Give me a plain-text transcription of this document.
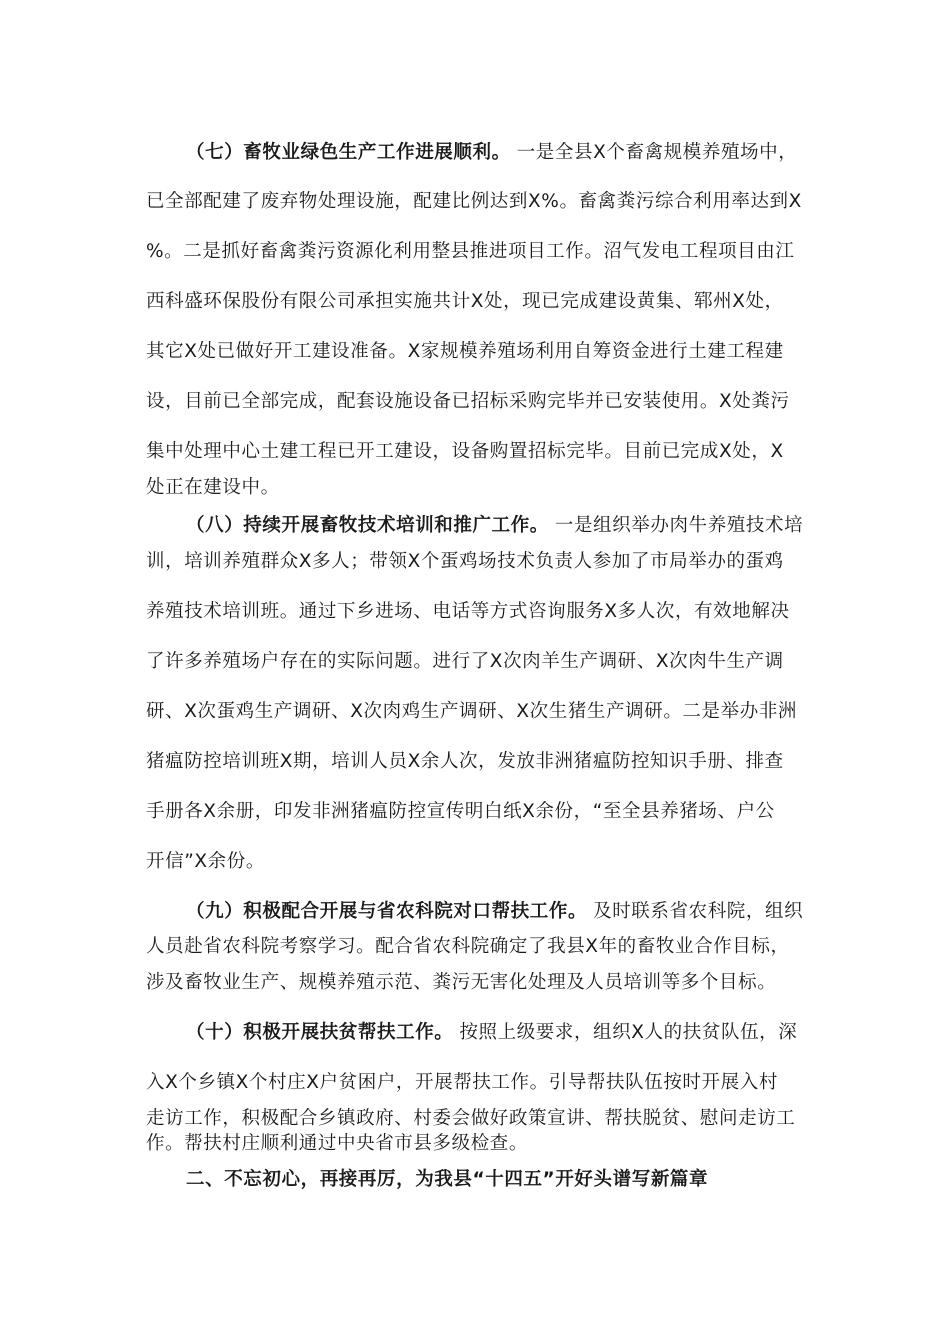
（七）畜牧业绿色生产工作进展顺利。 一是全县X个畜禽规模养殖场中，
已全部配建了废弃物处理设施，配建比例达到X%。畜禽粪污综合利用率达到X
%。二是抓好畜禽粪污资源化利用整县推进项目工作。沼气发电工程项目由江
西科盛环保股份有限公司承担实施共计X处，现已完成建设黄集、郓州X处，
其它X处已做好开工建设准备。X家规模养殖场利用自筹资金进行土建工程建
设，目前已全部完成，配套设施设备已招标采购完毕并已安装使用。X处粪污
集中处理中心土建工程已开工建设，设备购置招标完毕。目前已完成X处，X
处正在建设中。
（八）持续开展畜牧技术培训和推广工作。 一是组织举办肉牛养殖技术培
训，培训养殖群众X多人；带领X个蛋鸡场技术负责人参加了市局举办的蛋鸡
养殖技术培训班。通过下乡进场、电话等方式咨询服务X多人次，有效地解决
了许多养殖场户存在的实际问题。进行了X次肉羊生产调研、X次肉牛生产调
研、X次蛋鸡生产调研、X次肉鸡生产调研、X次生猪生产调研。二是举办非洲
猪瘟防控培训班X期，培训人员X余人次，发放非洲猪瘟防控知识手册、排查
手册各X余册，印发非洲猪瘟防控宣传明白纸X余份，“至全县养猪场、户公
开信”X余份。
（九）积极配合开展与省农科院对口帮扶工作。 及时联系省农科院，组织
人员赴省农科院考察学习。配合省农科院确定了我县X年的畜牧业合作目标，
涉及畜牧业生产、规模养殖示范、粪污无害化处理及人员培训等多个目标。
（十）积极开展扶贫帮扶工作。 按照上级要求，组织X人的扶贫队伍，深
入X个乡镇X个村庄X户贫困户，开展帮扶工作。引导帮扶队伍按时开展入村
走访工作，积极配合乡镇政府、村委会做好政策宣讲、帮扶脱贫、慰问走访工
作。帮扶村庄顺利通过中央省市县多级检查。
二、不忘初心，再接再厉，为我县“十四五”开好头谱写新篇章
